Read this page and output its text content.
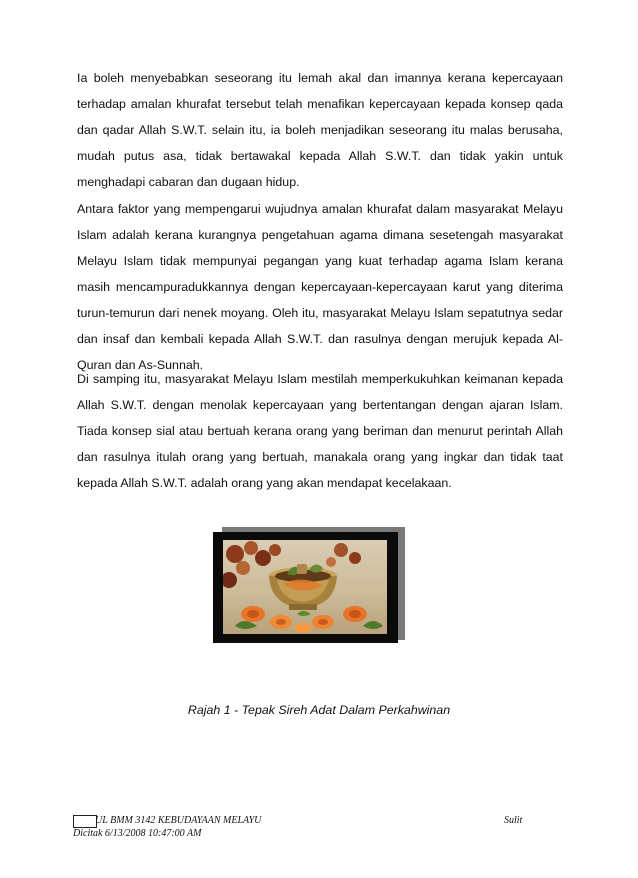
Ia boleh menyebabkan seseorang itu lemah akal dan imannya kerana kepercayaan terhadap amalan khurafat tersebut telah menafikan kepercayaan kepada konsep qada dan qadar Allah S.W.T. selain itu, ia boleh menjadikan seseorang itu malas berusaha, mudah putus asa, tidak bertawakal kepada Allah S.W.T. dan tidak yakin untuk menghadapi cabaran dan dugaan hidup.

Antara faktor yang mempengarui wujudnya amalan khurafat dalam masyarakat Melayu Islam adalah kerana kurangnya pengetahuan agama dimana sesetengah masyarakat Melayu Islam tidak mempunyai pegangan yang kuat terhadap agama Islam kerana masih mencampuradukkannya dengan kepercayaan-kepercayaan karut yang diterima turun-temurun dari nenek moyang. Oleh itu, masyarakat Melayu Islam sepatutnya sedar dan insaf dan kembali kepada Allah S.W.T. dan rasulnya dengan merujuk kepada Al-Quran dan As-Sunnah.

Di samping itu, masyarakat Melayu Islam mestilah memperkukuhkan keimanan kepada Allah S.W.T. dengan menolak kepercayaan yang bertentangan dengan ajaran Islam. Tiada konsep sial atau bertuah kerana orang yang beriman dan menurut perintah Allah dan rasulnya itulah orang yang bertuah, manakala orang yang ingkar dan tidak taat kepada Allah S.W.T. adalah orang yang akan mendapat kecelakaan.

Rajah 1 - Tepak Sireh Adat Dalam Perkahwinan

UL BMM 3142 KEBUDAYAAN MELAYU	Sulit
Dicitak 6/13/2008 10:47:00 AM
